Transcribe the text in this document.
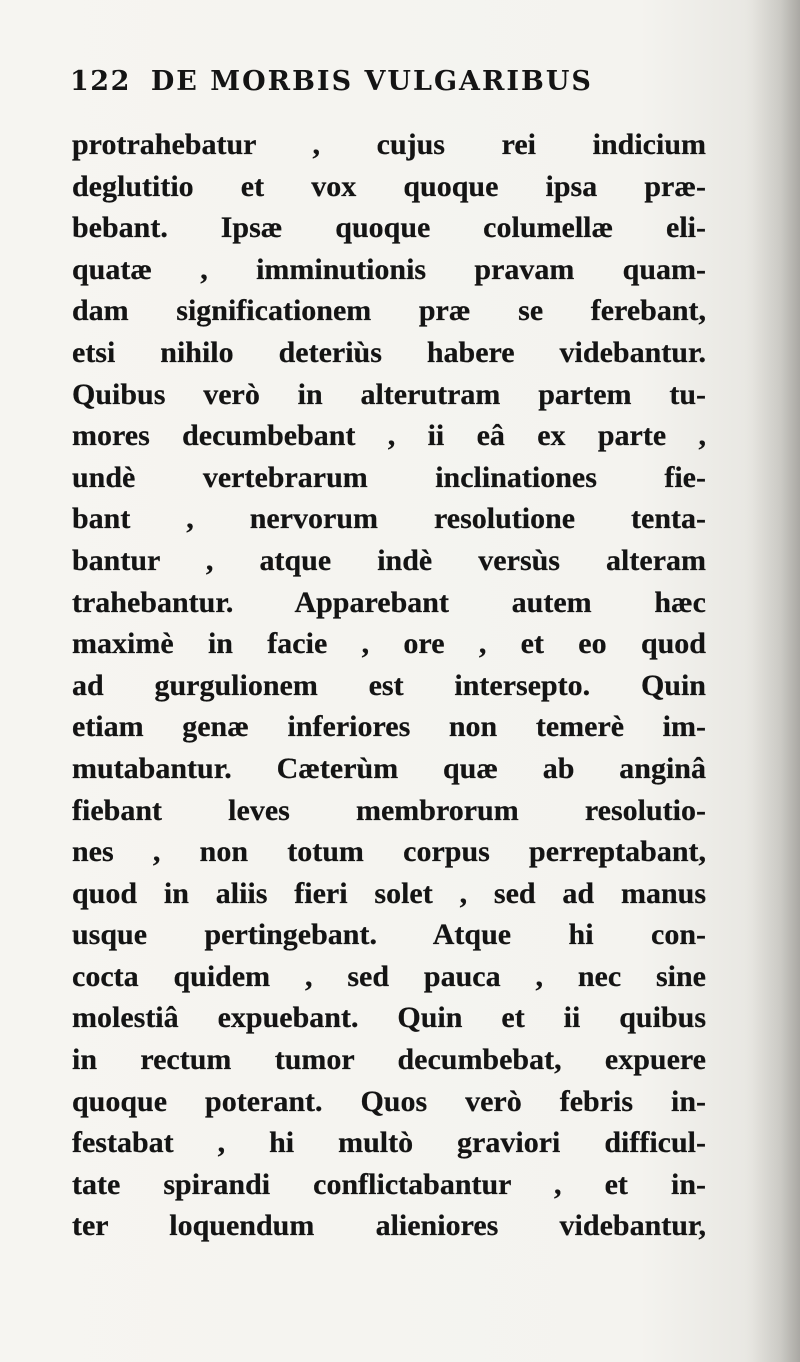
122 DE MORBIS VULGARIBUS
protrahebatur , cujus rei indicium
deglutitio et vox quoque ipsa præ-
bebant. Ipsæ quoque columellæ eli-
quatæ , imminutionis pravam quam-
dam significationem præ se ferebant,
etsi nihilo deteriùs habere videbantur.
Quibus verò in alterutram partem tu-
mores decumbebant , ii eâ ex parte ,
undè vertebrarum inclinationes fie-
bant , nervorum resolutione tenta-
bantur , atque indè versùs alteram
trahebantur. Apparebant autem hæc
maximè in facie , ore , et eo quod
ad gurgulionem est intersepto. Quin
etiam genæ inferiores non temerè im-
mutabantur. Cæterùm quæ ab anginâ
fiebant leves membrorum resolutio-
nes , non totum corpus perreptabant,
quod in aliis fieri solet , sed ad manus
usque pertingebant. Atque hi con-
cocta quidem , sed pauca , nec sine
molestiâ expuebant. Quin et ii quibus
in rectum tumor decumbebat, expuere
quoque poterant. Quos verò febris in-
festabat , hi multò graviori difficul-
tate spirandi conflictabantur , et in-
ter loquendum alieniores videbantur,
